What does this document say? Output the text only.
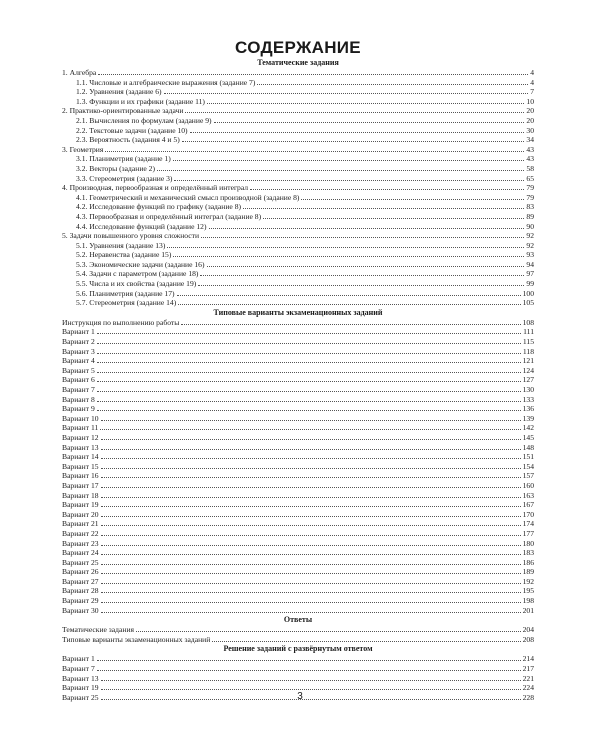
СОДЕРЖАНИЕ
Тематические задания
1. Алгебра	4
1.1. Числовые и алгебраические выражения (задание 7)	4
1.2. Уравнения (задание 6)	7
1.3. Функции и их графики (задание 11)	10
2. Практико-ориентированные задачи	20
2.1. Вычисления по формулам (задание 9)	20
2.2. Текстовые задачи (задание 10)	30
2.3. Вероятность (задания 4 и 5)	34
3. Геометрия	43
3.1. Планиметрия (задание 1)	43
3.2. Векторы (задание 2)	58
3.3. Стереометрия (задание 3)	65
4. Производная, первообразная и определённый интеграл	79
4.1. Геометрический и механический смысл производной (задание 8)	79
4.2. Исследование функций по графику (задание 8)	83
4.3. Первообразная и определённый интеграл (задание 8)	89
4.4. Исследование функций (задание 12)	90
5. Задачи повышенного уровня сложности	92
5.1. Уравнения (задание 13)	92
5.2. Неравенства (задание 15)	93
5.3. Экономические задачи (задание 16)	94
5.4. Задачи с параметром (задание 18)	97
5.5. Числа и их свойства (задание 19)	99
5.6. Планиметрия (задание 17)	100
5.7. Стереометрия (задание 14)	105
Типовые варианты экзаменационных заданий
Инструкция по выполнению работы	108
Вариант 1	111
Вариант 2	115
Вариант 3	118
Вариант 4	121
Вариант 5	124
Вариант 6	127
Вариант 7	130
Вариант 8	133
Вариант 9	136
Вариант 10	139
Вариант 11	142
Вариант 12	145
Вариант 13	148
Вариант 14	151
Вариант 15	154
Вариант 16	157
Вариант 17	160
Вариант 18	163
Вариант 19	167
Вариант 20	170
Вариант 21	174
Вариант 22	177
Вариант 23	180
Вариант 24	183
Вариант 25	186
Вариант 26	189
Вариант 27	192
Вариант 28	195
Вариант 29	198
Вариант 30	201
Ответы
Тематические задания	204
Типовые варианты экзаменационных заданий	208
Решение заданий с развёрнутым ответом
Вариант 1	214
Вариант 7	217
Вариант 13	221
Вариант 19	224
Вариант 25	228
3
